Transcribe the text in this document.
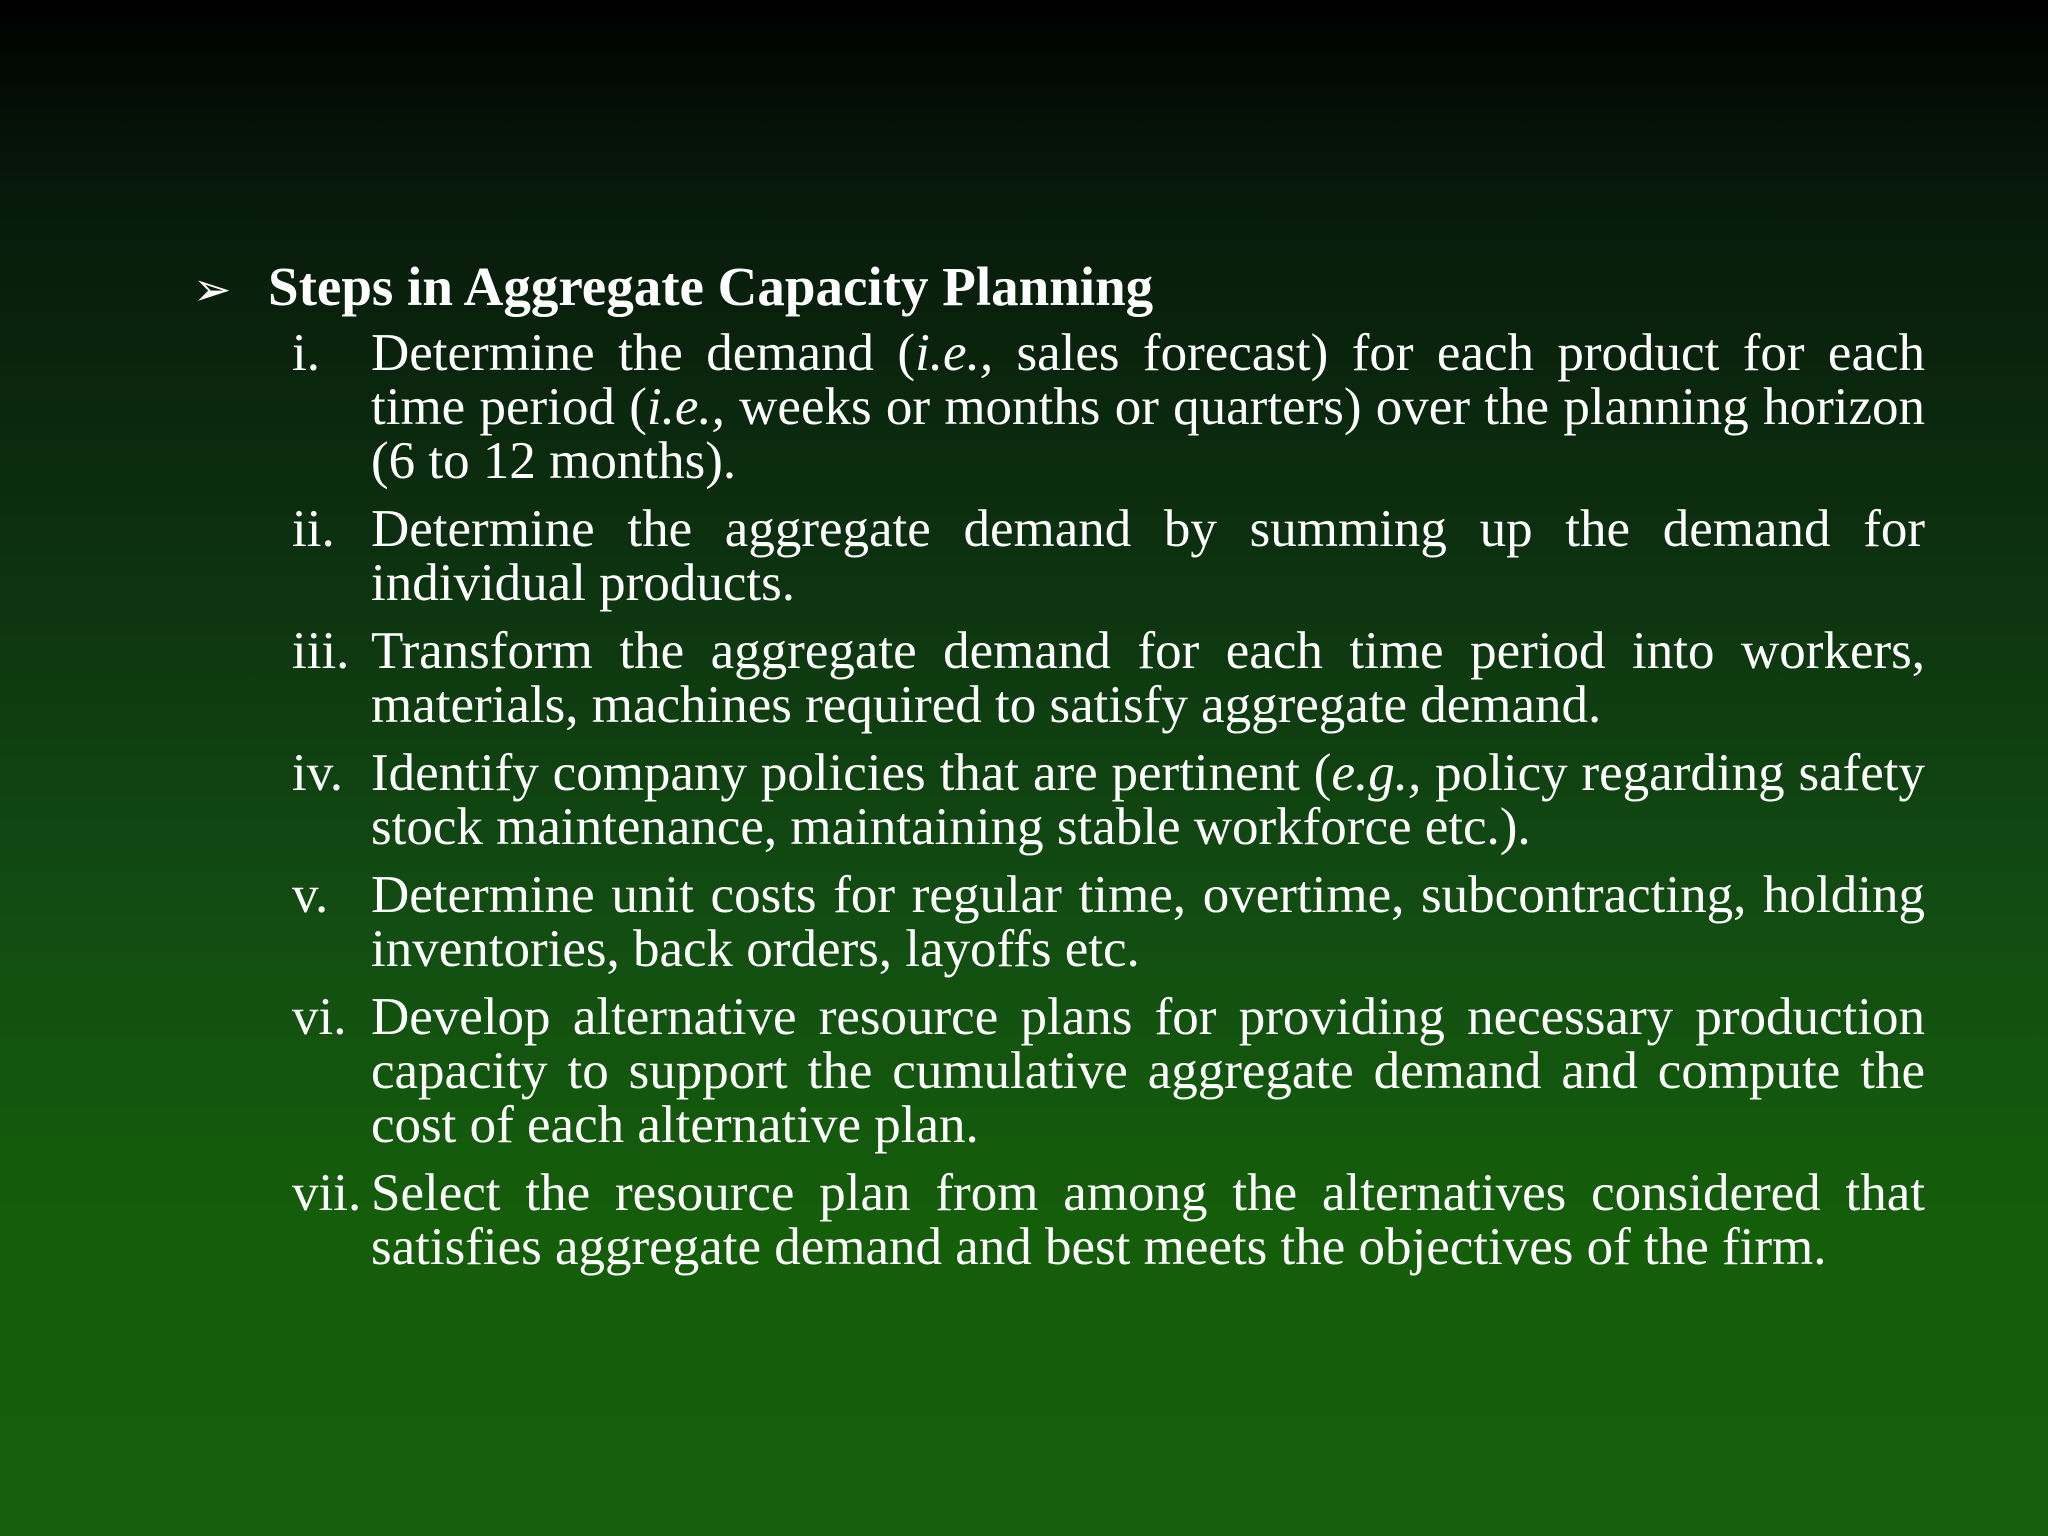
➢ Steps in Aggregate Capacity Planning
i. Determine the demand (i.e., sales forecast) for each product for each time period (i.e., weeks or months or quarters) over the planning horizon (6 to 12 months).
ii. Determine the aggregate demand by summing up the demand for individual products.
iii. Transform the aggregate demand for each time period into workers, materials, machines required to satisfy aggregate demand.
iv. Identify company policies that are pertinent (e.g., policy regarding safety stock maintenance, maintaining stable workforce etc.).
v. Determine unit costs for regular time, overtime, subcontracting, holding inventories, back orders, layoffs etc.
vi. Develop alternative resource plans for providing necessary production capacity to support the cumulative aggregate demand and compute the cost of each alternative plan.
vii. Select the resource plan from among the alternatives considered that satisfies aggregate demand and best meets the objectives of the firm.
